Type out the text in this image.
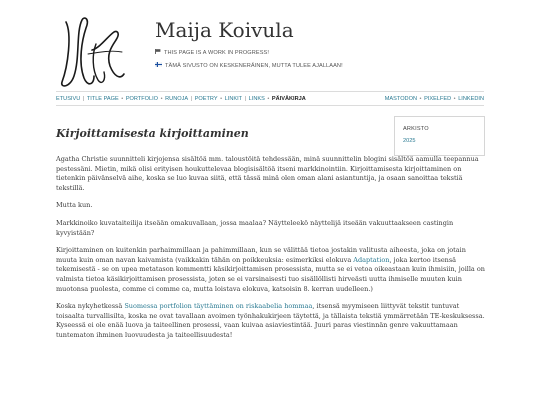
Maija Koivula
THIS PAGE IS A WORK IN PROGRESS!
TÄMÄ SIVUSTO ON KESKENERÄINEN, MUTTA TULEE AJALLAAN!
ETUSIVU | TITLE PAGE • PORTFOLIO • RUNOJA | POETRY • LINKIT | LINKS • PÄIVÄKIRJA	MASTODON • PIXELFED • LINKEDIN
Kirjoittamisesta kirjoittaminen	ARKISTO
2025

Agatha Christie suunnitteli kirjojensa sisältöä mm. taloustöitä tehdessään, minä suunnittelin blogini sisältöä aamulla teepannua pestessäni. Mietin, mikä olisi erityisen houkuttelevaa blogisisältöä itseni markkinointiin. Kirjoittamisesta kirjoittaminen on tietenkin päivänselvä aihe, koska se luo kuvaa siitä, että tässä minä olen oman alani asiantuntija, ja osaan sanoittaa tekstiä tekstillä.

Mutta kun.

Markkinoiko kuvataiteilija itseään omakuvallaan, jossa maalaa? Näytteleekö näyttelijä itseään vakuuttaakseen castingin kyvyistään?

Kirjoittaminen on kuitenkin parhaimmillaan ja pahimmillaan, kun se välittää tietoa jostakin valitusta aiheesta, joka on jotain muuta kuin oman navan kaivamista (vaikkakin tähän on poikkeuksia: esimerkiksi elokuva Adaptation, joka kertoo itsensä tekemisestä - se on upea metatason kommentti käsikirjoittamisen prosessista, mutta se ei vetoa oikeastaan kuin ihmisiin, joilla on valmista tietoa käsikirjoittamisen prosessista, joten se ei varsinaisesti tuo sisällöllisti hirveästi uutta ihmiselle muuten kuin muotonsa puolesta, comme ci comme ca, mutta loistava elokuva, katsoisin 8. kerran uudelleen.)

Koska nykyhetkessä Suomessa portfolion täyttäminen on riskaabelia hommaa, itsensä myymiseen liittyvät tekstit tuntuvat toisaalta turvallisilta, koska ne ovat tavallaan avoimen työnhakukirjeen täytettä, ja tällaista tekstiä ymmärretään TE-keskuksessa. Kyseessä ei ole enää luova ja taiteellinen prosessi, vaan kuivaa asiaviestintää. Juuri paras viestinnän genre vakuuttamaan tuntematon ihminen luovuudesta ja taiteellisuudesta!
